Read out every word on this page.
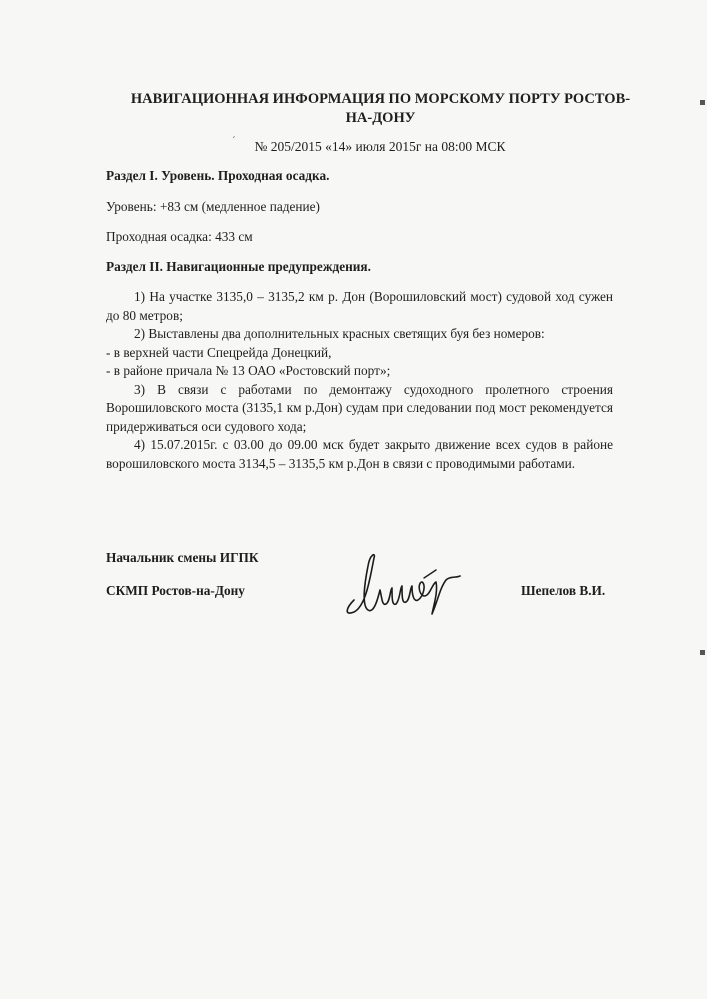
НАВИГАЦИОННАЯ ИНФОРМАЦИЯ ПО МОРСКОМУ ПОРТУ РОСТОВ-НА-ДОНУ
´	№ 205/2015 «14» июля 2015г на 08:00 МСК
Раздел I. Уровень. Проходная осадка.
Уровень: +83 см (медленное падение)
Проходная осадка: 433 см
Раздел II. Навигационные предупреждения.

1) На участке 3135,0 – 3135,2 км р. Дон (Ворошиловский мост) судовой ход сужен до 80 метров;

2) Выставлены два дополнительных красных светящих буя без номеров:

- в верхней части Спецрейда Донецкий,

- в районе причала № 13 ОАО «Ростовский порт»;

3) В связи с работами по демонтажу судоходного пролетного строения Ворошиловского моста (3135,1 км р.Дон) судам при следовании под мост рекомендуется придерживаться оси судового хода;

4) 15.07.2015г. с 03.00 до 09.00 мск будет закрыто движение всех судов в районе ворошиловского моста 3134,5 – 3135,5 км р.Дон в связи с проводимыми работами.

Начальник смены ИГПК
СКМП Ростов-на-Дону	Шепелов В.И.
